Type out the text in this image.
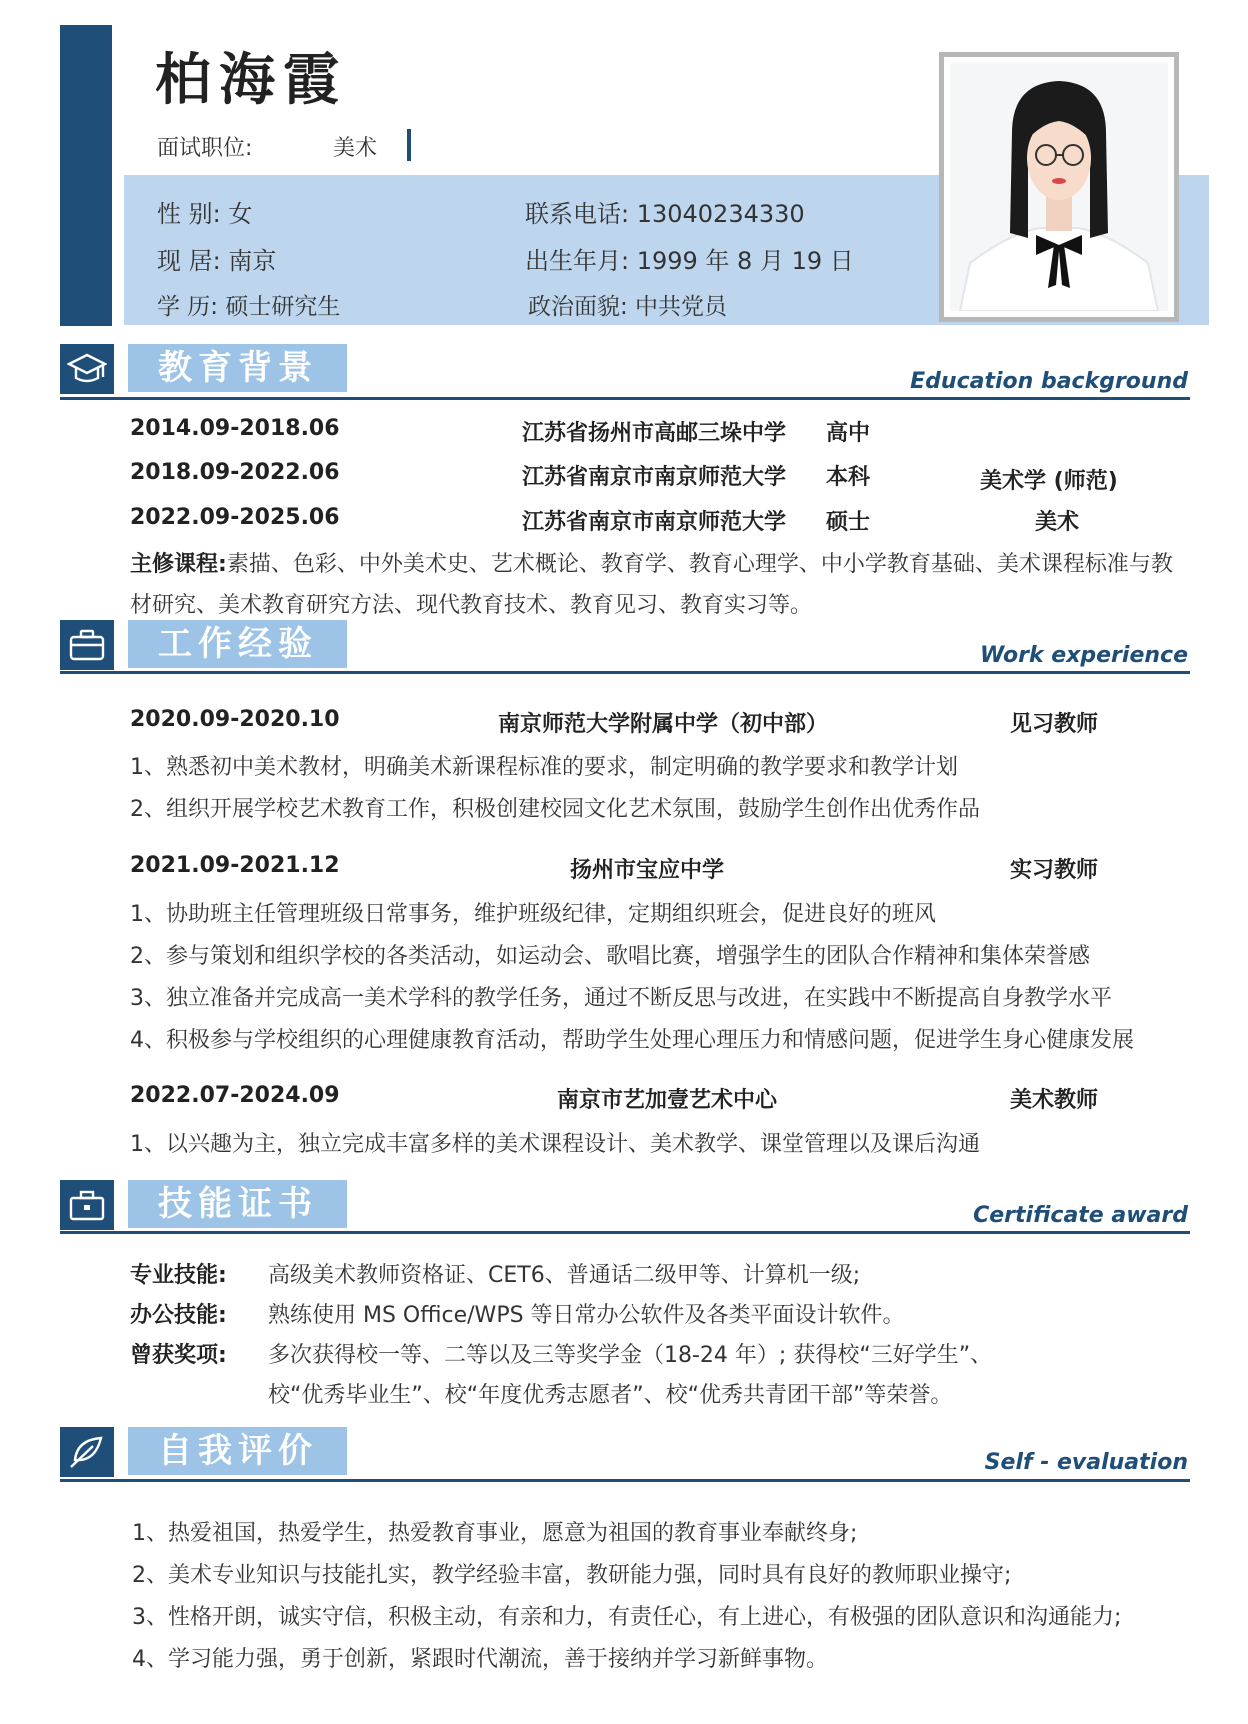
柏海霞
面试职位:	美术
性 别: 女
现 居: 南京
学 历: 硕士研究生
联系电话: 13040234330
出生年月: 1999 年 8 月 19 日
政治面貌: 中共党员
教育背景	Education background
2014.09-2018.06	江苏省扬州市高邮三垛中学 高中
2018.09-2022.06	江苏省南京市南京师范大学 本科	美术学 (师范)
2022.09-2025.06	江苏省南京市南京师范大学 硕士	美术
主修课程:素描、色彩、中外美术史、艺术概论、教育学、教育心理学、中小学教育基础、美术课程标准与教材研究、美术教育研究方法、现代教育技术、教育见习、教育实习等。
工作经验	Work experience
2020.09-2020.10	南京师范大学附属中学（初中部）	见习教师
1、熟悉初中美术教材，明确美术新课程标准的要求，制定明确的教学要求和教学计划
2、组织开展学校艺术教育工作，积极创建校园文化艺术氛围，鼓励学生创作出优秀作品
2021.09-2021.12	扬州市宝应中学	实习教师
1、协助班主任管理班级日常事务，维护班级纪律，定期组织班会，促进良好的班风
2、参与策划和组织学校的各类活动，如运动会、歌唱比赛，增强学生的团队合作精神和集体荣誉感
3、独立准备并完成高一美术学科的教学任务，通过不断反思与改进，在实践中不断提高自身教学水平
4、积极参与学校组织的心理健康教育活动，帮助学生处理心理压力和情感问题，促进学生身心健康发展
2022.07-2024.09	南京市艺加壹艺术中心	美术教师
1、以兴趣为主，独立完成丰富多样的美术课程设计、美术教学、课堂管理以及课后沟通
技能证书	Certificate award
专业技能: 高级美术教师资格证、CET6、普通话二级甲等、计算机一级;
办公技能: 熟练使用 MS Office/WPS 等日常办公软件及各类平面设计软件。
曾获奖项: 多次获得校一等、二等以及三等奖学金（18-24 年）; 获得校“三好学生”、
校“优秀毕业生”、校“年度优秀志愿者”、校“优秀共青团干部”等荣誉。
自我评价	Self - evaluation
1、热爱祖国，热爱学生，热爱教育事业，愿意为祖国的教育事业奉献终身;
2、美术专业知识与技能扎实，教学经验丰富，教研能力强，同时具有良好的教师职业操守;
3、性格开朗，诚实守信，积极主动，有亲和力，有责任心，有上进心，有极强的团队意识和沟通能力;
4、学习能力强，勇于创新，紧跟时代潮流，善于接纳并学习新鲜事物。
